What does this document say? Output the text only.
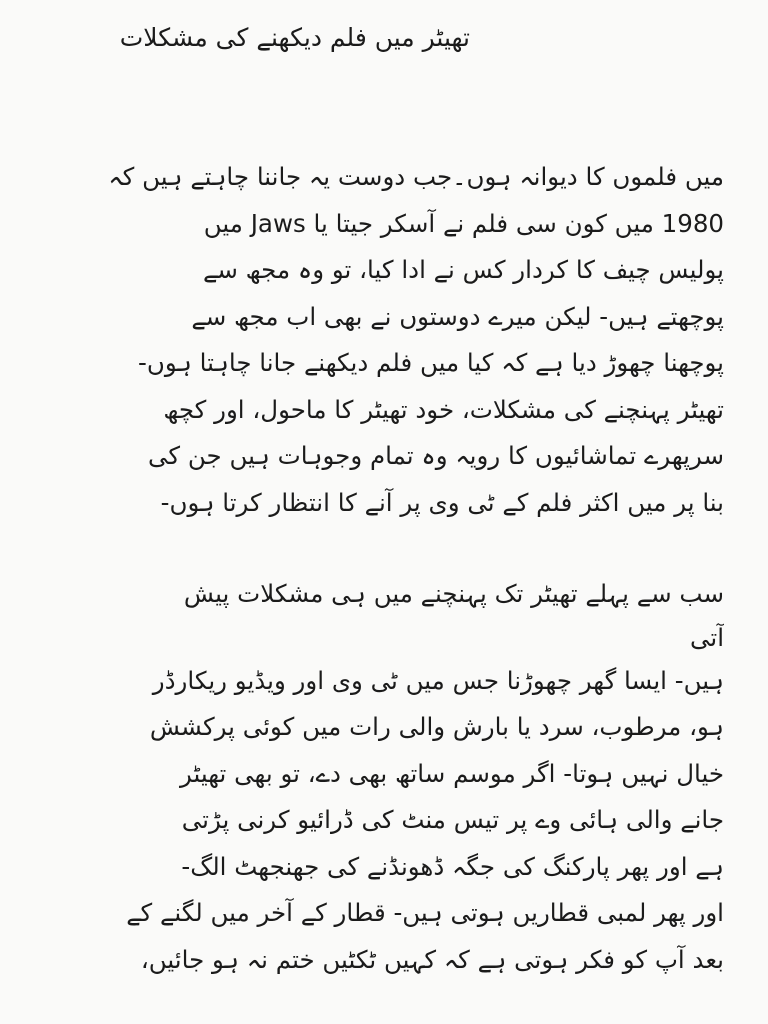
تھیٹر میں فلم دیکھنے کی مشکلات
میں فلموں کا دیوانہ ہوں۔جب دوست یہ جاننا چاہتے ہیں کہ
1980 میں کون سی فلم نے آسکر جیتا یا Jaws میں
پولیس چیف کا کردار کس نے ادا کیا، تو وہ مجھ سے
پوچھتے ہیں- لیکن میرے دوستوں نے بھی اب مجھ سے
پوچھنا چھوڑ دیا ہے کہ کیا میں فلم دیکھنے جانا چاہتا ہوں-
تھیٹر پہنچنے کی مشکلات، خود تھیٹر کا ماحول، اور کچھ
سرپھرے تماشائیوں کا رویہ وہ تمام وجوہات ہیں جن کی
بنا پر میں اکثر فلم کے ٹی وی پر آنے کا انتظار کرتا ہوں-
سب سے پہلے تھیٹر تک پہنچنے میں ہی مشکلات پیش
آتی
ہیں- ایسا گھر چھوڑنا جس میں ٹی وی اور ویڈیو ریکارڈر
ہو، مرطوب، سرد یا بارش والی رات میں کوئی پرکشش
خیال نہیں ہوتا- اگر موسم ساتھ بھی دے، تو بھی تھیٹر
جانے والی ہائی وے پر تیس منٹ کی ڈرائیو کرنی پڑتی
ہے اور پھر پارکنگ کی جگہ ڈھونڈنے کی جھنجھٹ الگ-
اور پھر لمبی قطاریں ہوتی ہیں- قطار کے آخر میں لگنے کے
بعد آپ کو فکر ہوتی ہے کہ کہیں ٹکٹیں ختم نہ ہو جائیں،
